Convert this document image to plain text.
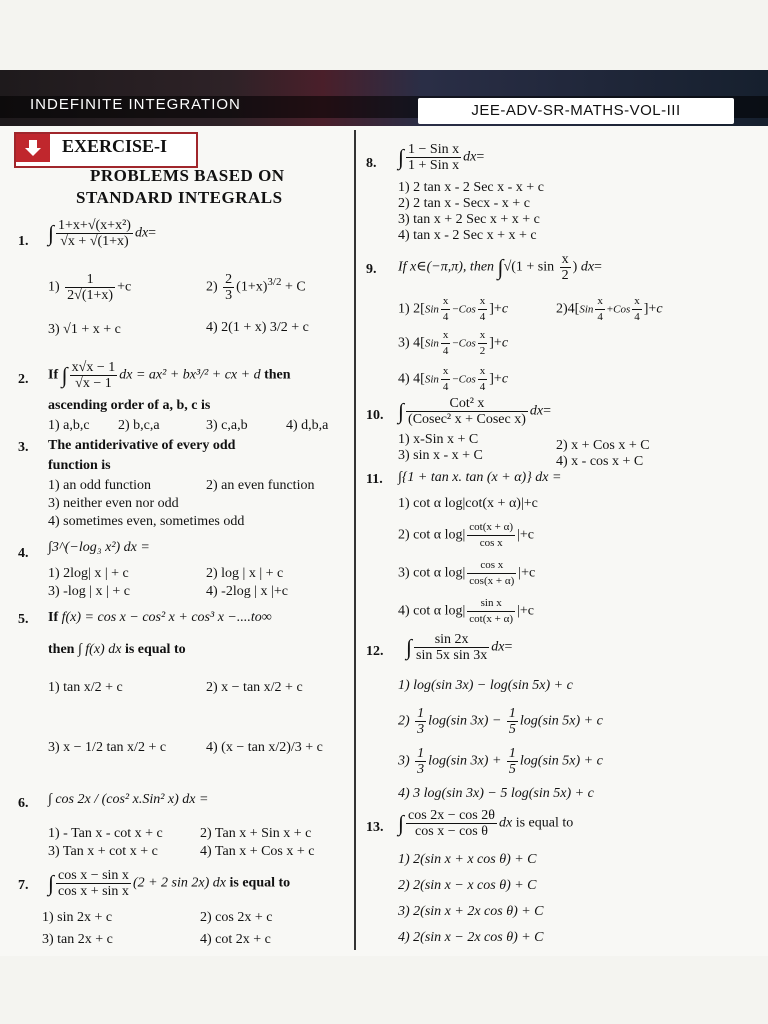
INDEFINITE INTEGRATION	JEE-ADV-SR-MATHS-VOL-III
EXERCISE-I
PROBLEMS BASED ON
STANDARD INTEGRALS
1. ∫ $\frac{\text{1+x+√(x+x²)}}{√x + √(1+x)} dx=$
$1) \frac{1}{2√(1+x)} +c$	$2) \frac{2}{3} (1+x)^{3/2} + C$
3) √1 + x + c	4) 2(1 + x) 3/2 + c
2. If ∫ $\frac{x√x - 1}{√x - 1}$ dx = ax² + bx³/² + cx + d then
ascending order of a, b, c is
1) a,b,c 2) b,c,a	3) c,a,b	4) d,b,a
3. The antiderivative of every odd
function is
1) an odd function	2) an even function
3) neither even nor odd
4) sometimes even, sometimes odd
4. ∫3^(−log₃ x²) dx =
1) 2log| x | + c	2) log | x | + c
3) -log | x | + c	4) -2log | x |+c
5. If f(x) = cos x − cos² x + cos³ x −....to∞
then ∫ f(x) dx is equal to
1) tan x/2 + c	2) x − tan x/2 + c
3) x − 1/2 tan x/2 + c	4) (x − tan x/2)/3 + c
6. ∫ cos 2x / (cos² x.Sin² x) dx =
1) - Tan x - cot x + c	2) Tan x + Sin x + c
3) Tan x + cot x + c	4) Tan x + Cos x + c
7. ∫ $\frac{\text{cos x − sin x}}{\text{cos x + sin x}} (2 + 2$ sin 2x) dx is equal to
1) sin 2x + c	2) cos 2x + c
3) tan 2x + c	4) cot 2x + c
8. ∫ $\frac{\text{1 − Sin x}}{\text{1 + Sin x}} dx=$
1) 2 tan x - 2 Sec x - x + c
2) 2 tan x - Secx - x + c
3) tan x + 2 Sec x + x + c
4) tan x - 2 Sec x + x + c
9. If x∈(−π,π), then $\int√(1 + \sin \frac{x}{2}$ ) dx=
1) $2[Sin \frac{x}{4} -Cos \frac{x}{4} ]+c$	$2)4[Sin \frac{x}{4} +Cos \frac{x}{4} ]+c$
3) $4[Sin \frac{x}{4} -Cos \frac{x}{2} ]+c$
4) $4[Sin \frac{x}{4} -Cos \frac{x}{4} ]+c$
10. ∫ $\frac{\text{Cot² x}}{\text{(Cosec² x + Cosec x)}} dx=$
1) x-Sin x + C	2) x + Cos x + C
3) sin x - x + C	4) x - cos x + C
11. ∫{1 + tan x. tan (x + α)} dx =
1) cot α log|cot(x + α)|+c
2) cot α $\log| \frac{\cot(x + \alpha)}{\text{cos x}} |+c$
3) cot α $\log| \frac{\text{cos x}}{\cos(x + \alpha)} |+c$
4) cot α $\log| \frac{\text{sin x}}{\cot(x + \alpha)} |+c$
12. ∫ $\frac{\sin 2x}{\text{sin 5x sin 3x}} dx=$
1) log(sin 3x) − log(sin 5x) + c
$2) \frac{1}{3} \log(\sin$ $3x) - \frac{1}{5} \log(\sin$ 5x) + c
$3) \frac{1}{3} \log(\sin$ $3x) + \frac{1}{5} \log(\sin$ 5x) + c
4) 3 log(sin 3x) − 5 log(sin 5x) + c
13. ∫ $\frac{\cos 2x - \cos 2\theta}{\text{cos x − cos θ}}$ dx is equal to
1) 2(sin x + x cos θ) + C
2) 2(sin x − x cos θ) + C
3) 2(sin x + 2x cos θ) + C
4) 2(sin x − 2x cos θ) + C
